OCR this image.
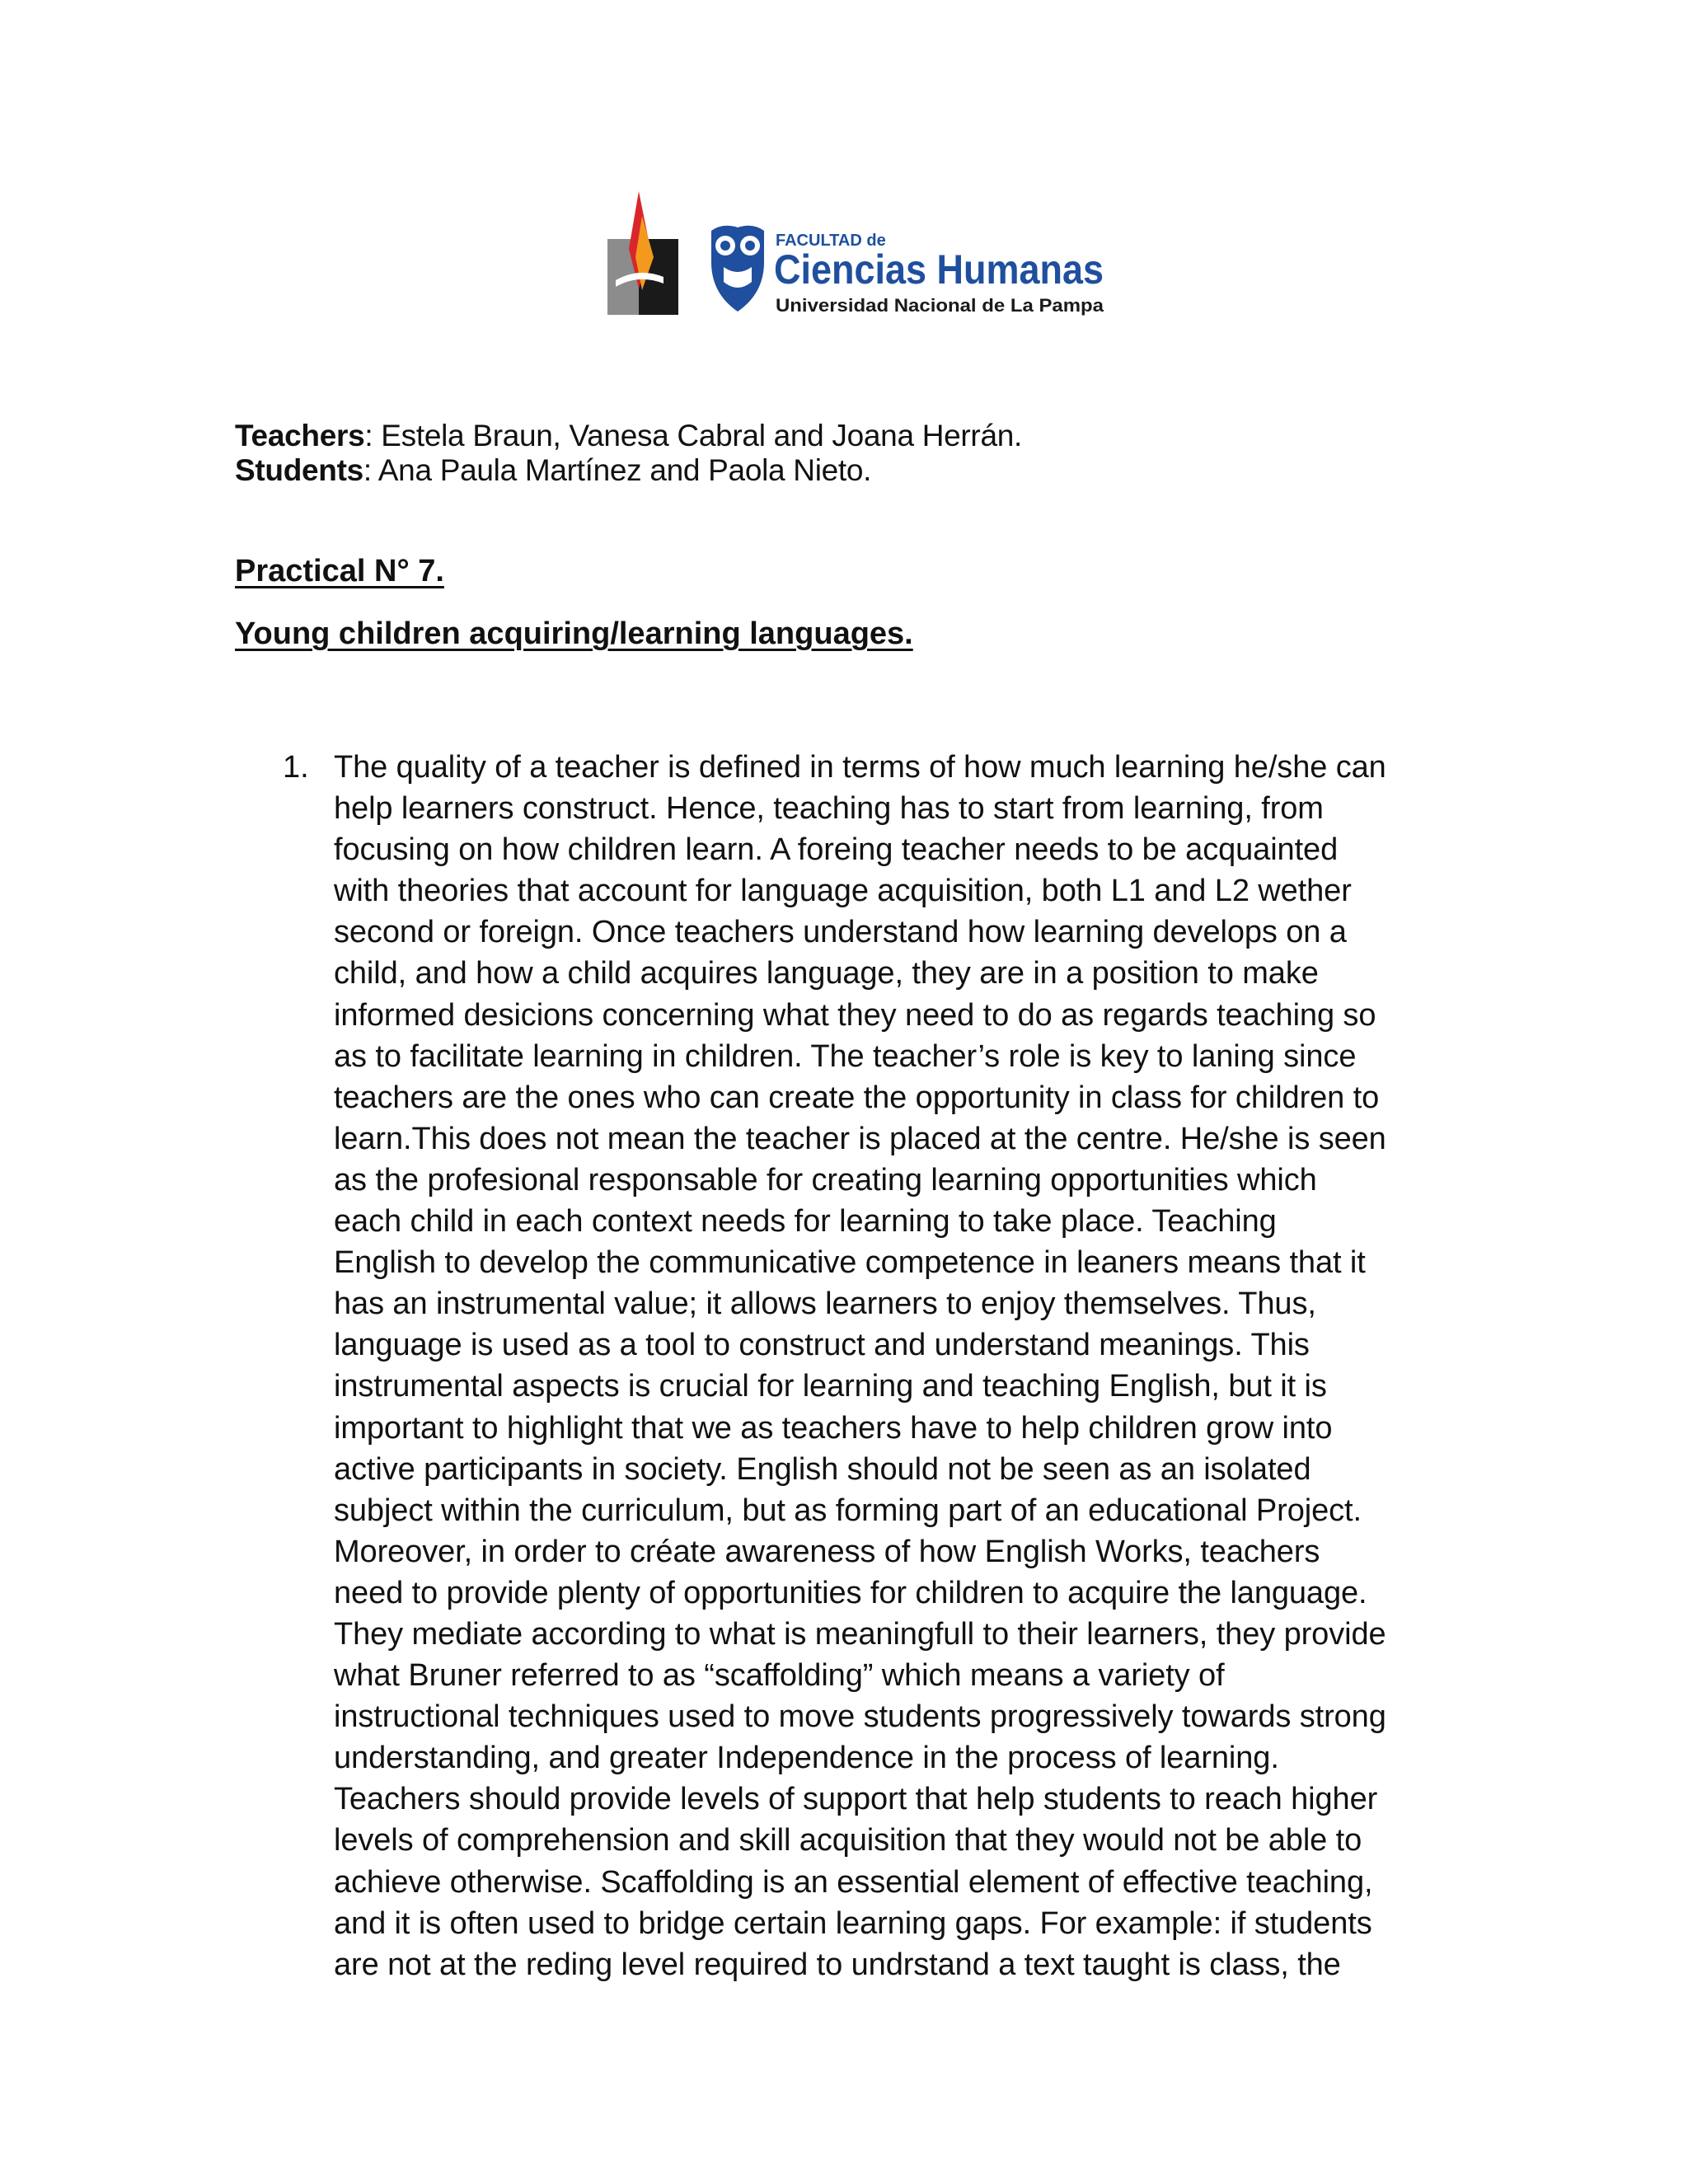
FACULTAD de
Ciencias Humanas
Universidad Nacional de La Pampa
Teachers: Estela Braun, Vanesa Cabral and Joana Herrán.
Students: Ana Paula Martínez and Paola Nieto.
Practical N° 7.
Young children acquiring/learning languages.
1. The quality of a teacher is defined in terms of how much learning he/she can
help learners construct. Hence, teaching has to start from learning, from
focusing on how children learn. A foreing teacher needs to be acquainted
with theories that account for language acquisition, both L1 and L2 wether
second or foreign. Once teachers understand how learning develops on a
child, and how a child acquires language, they are in a position to make
informed desicions concerning what they need to do as regards teaching so
as to facilitate learning in children. The teacher’s role is key to laning since
teachers are the ones who can create the opportunity in class for children to
learn.This does not mean the teacher is placed at the centre. He/she is seen
as the profesional responsable for creating learning opportunities which
each child in each context needs for learning to take place. Teaching
English to develop the communicative competence in leaners means that it
has an instrumental value; it allows learners to enjoy themselves. Thus,
language is used as a tool to construct and understand meanings. This
instrumental aspects is crucial for learning and teaching English, but it is
important to highlight that we as teachers have to help children grow into
active participants in society. English should not be seen as an isolated
subject within the curriculum, but as forming part of an educational Project.
Moreover, in order to créate awareness of how English Works, teachers
need to provide plenty of opportunities for children to acquire the language.
They mediate according to what is meaningfull to their learners, they provide
what Bruner referred to as “scaffolding” which means a variety of
instructional techniques used to move students progressively towards strong
understanding, and greater Independence in the process of learning.
Teachers should provide levels of support that help students to reach higher
levels of comprehension and skill acquisition that they would not be able to
achieve otherwise. Scaffolding is an essential element of effective teaching,
and it is often used to bridge certain learning gaps. For example: if students
are not at the reding level required to undrstand a text taught is class, the
